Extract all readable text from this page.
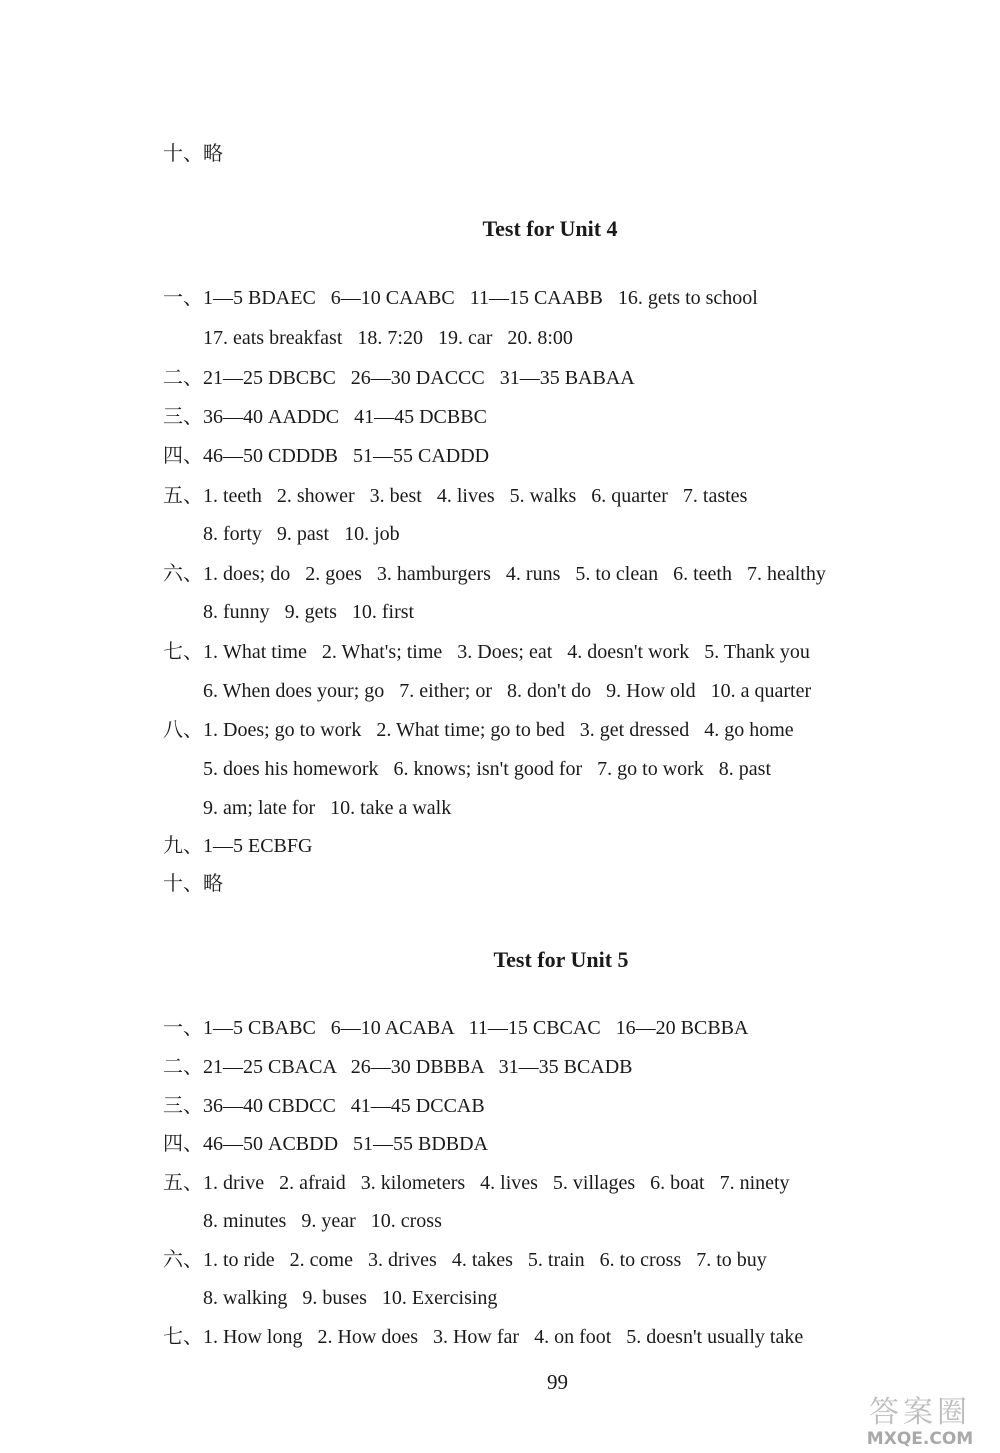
十、略
Test for Unit 4
一、1—5 BDAEC   6—10 CAABC   11—15 CAABB   16. gets to school
17. eats breakfast   18. 7:20   19. car   20. 8:00
二、21—25 DBCBC   26—30 DACCC   31—35 BABAA
三、36—40 AADDC   41—45 DCBBC
四、46—50 CDDDB   51—55 CADDD
五、1. teeth   2. shower   3. best   4. lives   5. walks   6. quarter   7. tastes
8. forty   9. past   10. job
六、1. does; do   2. goes   3. hamburgers   4. runs   5. to clean   6. teeth   7. healthy
8. funny   9. gets   10. first
七、1. What time   2. What's; time   3. Does; eat   4. doesn't work   5. Thank you
6. When does your; go   7. either; or   8. don't do   9. How old   10. a quarter
八、1. Does; go to work   2. What time; go to bed   3. get dressed   4. go home
5. does his homework   6. knows; isn't good for   7. go to work   8. past
9. am; late for   10. take a walk
九、1—5 ECBFG
十、略
Test for Unit 5
一、1—5 CBABC   6—10 ACABA   11—15 CBCAC   16—20 BCBBA
二、21—25 CBACA   26—30 DBBBA   31—35 BCADB
三、36—40 CBDCC   41—45 DCCAB
四、46—50 ACBDD   51—55 BDBDA
五、1. drive   2. afraid   3. kilometers   4. lives   5. villages   6. boat   7. ninety
8. minutes   9. year   10. cross
六、1. to ride   2. come   3. drives   4. takes   5. train   6. to cross   7. to buy
8. walking   9. buses   10. Exercising
七、1. How long   2. How does   3. How far   4. on foot   5. doesn't usually take
99
答案圈
MXQE.COM
